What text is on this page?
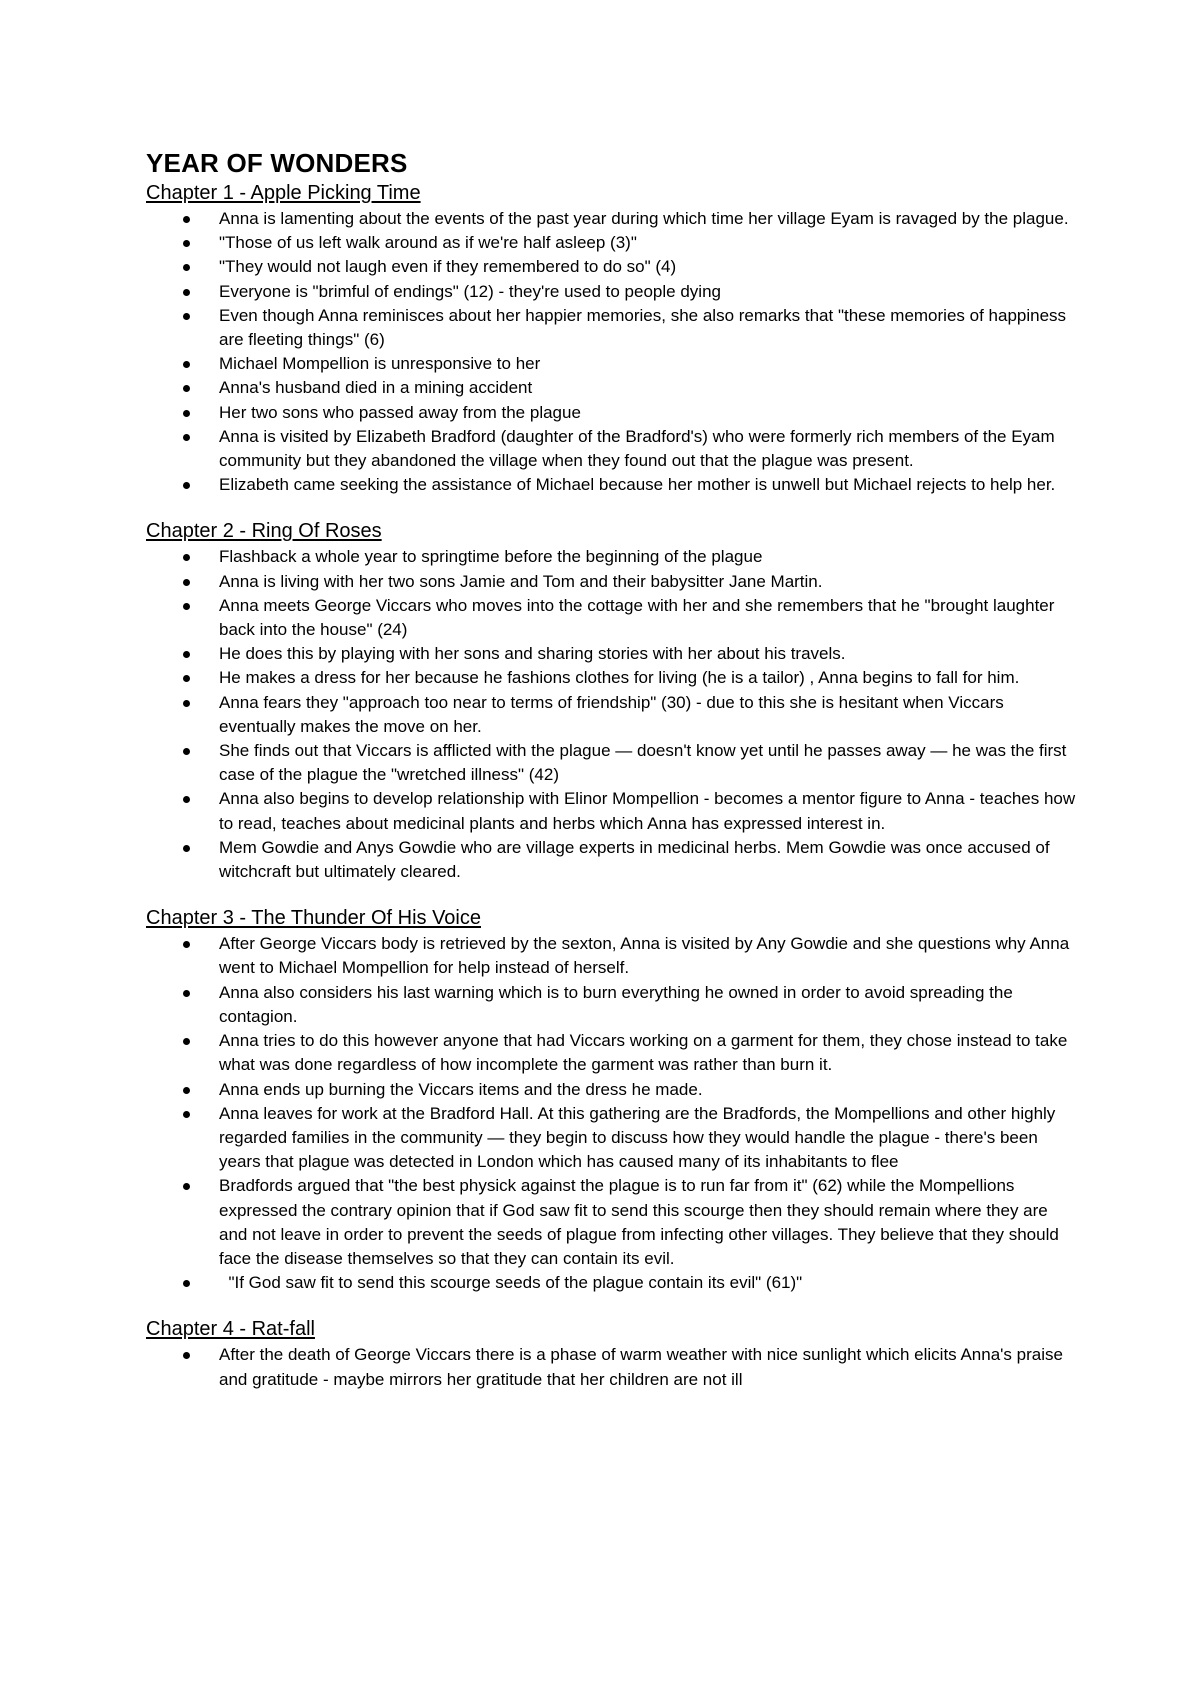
YEAR OF WONDERS
Chapter 1 - Apple Picking Time
Anna is lamenting about the events of the past year during which time her village Eyam is ravaged by the plague.
"Those of us left walk around as if we're half asleep (3)"
"They would not laugh even if they remembered to do so" (4)
Everyone is "brimful of endings" (12) - they're used to people dying
Even though Anna reminisces about her happier memories, she also remarks that "these memories of happiness are fleeting things" (6)
Michael Mompellion is unresponsive to her
Anna's husband died in a mining accident
Her two sons who passed away from the plague
Anna is visited by Elizabeth Bradford (daughter of the Bradford's) who were formerly rich members of the Eyam community but they abandoned the village when they found out that the plague was present.
Elizabeth came seeking the assistance of Michael because her mother is unwell but Michael rejects to help her.
Chapter 2 - Ring Of Roses
Flashback a whole year to springtime before the beginning of the plague
Anna is living with her two sons Jamie and Tom and their babysitter Jane Martin.
Anna meets George Viccars who moves into the cottage with her and she remembers that he "brought laughter back into the house" (24)
He does this by playing with her sons and sharing stories with her about his travels.
He makes a dress for her because he fashions clothes for living (he is a tailor) , Anna begins to fall for him.
Anna fears they "approach too near to terms of friendship" (30) - due to this she is hesitant when Viccars eventually makes the move on her.
She finds out that Viccars is afflicted with the plague — doesn't know yet until he passes away — he was the first case of the plague the "wretched illness" (42)
Anna also begins to develop relationship with Elinor Mompellion - becomes a mentor figure to Anna - teaches how to read, teaches about medicinal plants and herbs which Anna has expressed interest in.
Mem Gowdie and Anys Gowdie who are village experts in medicinal herbs. Mem Gowdie was once accused of witchcraft but ultimately cleared.
Chapter 3 - The Thunder Of His Voice
After George Viccars body is retrieved by the sexton, Anna is visited by Any Gowdie and she questions why Anna went to Michael Mompellion for help instead of herself.
Anna also considers his last warning which is to burn everything he owned in order to avoid spreading the contagion.
Anna tries to do this however anyone that had Viccars working on a garment for them, they chose instead to take what was done regardless of how incomplete the garment was rather than burn it.
Anna ends up burning the Viccars items and the dress he made.
Anna leaves for work at the Bradford Hall. At this gathering are the Bradfords, the Mompellions and other highly regarded families in the community — they begin to discuss how they would handle the plague - there's been years that plague was detected in London which has caused many of its inhabitants to flee
Bradfords argued that "the best physick against the plague is to run far from it" (62) while the Mompellions expressed the contrary opinion that if God saw fit to send this scourge then they should remain where they are and not leave in order to prevent the seeds of plague from infecting other villages. They believe that they should face the disease themselves so that they can contain its evil.
"If God saw fit to send this scourge seeds of the plague contain its evil" (61)"
Chapter 4 - Rat-fall
After the death of George Viccars there is a phase of warm weather with nice sunlight which elicits Anna's praise and gratitude - maybe mirrors her gratitude that her children are not ill
